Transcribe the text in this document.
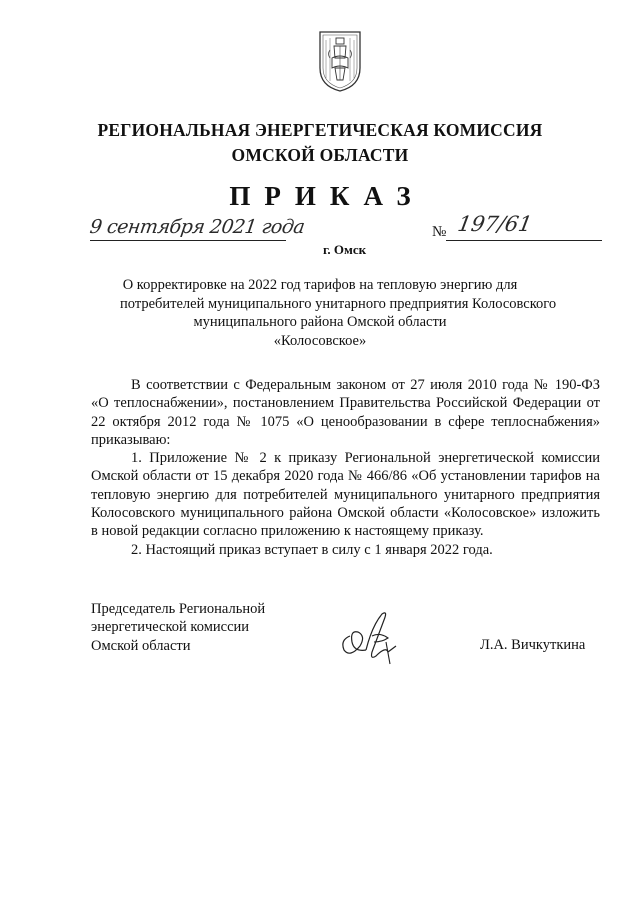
РЕГИОНАЛЬНАЯ ЭНЕРГЕТИЧЕСКАЯ КОМИССИЯ
ОМСКОЙ ОБЛАСТИ
ПРИКАЗ
9 сентября 2021 года	№ 197/61
г. Омск
О корректировке на 2022 год тарифов на тепловую энергию для
потребителей муниципального унитарного предприятия Колосовского
муниципального района Омской области
«Колосовское»

В соответствии с Федеральным законом от 27 июля 2010 года № 190-ФЗ «О теплоснабжении», постановлением Правительства Российской Федерации от 22 октября 2012 года № 1075 «О ценообразовании в сфере теплоснабжения» приказываю:

1. Приложение № 2 к приказу Региональной энергетической комиссии Омской области от 15 декабря 2020 года № 466/86 «Об установлении тарифов на тепловую энергию для потребителей муниципального унитарного предприятия Колосовского муниципального района Омской области «Колосовское» изложить в новой редакции согласно приложению к настоящему приказу.

2. Настоящий приказ вступает в силу с 1 января 2022 года.

Председатель Региональной
энергетической комиссии
Омской области	Л.А. Вичкуткина
